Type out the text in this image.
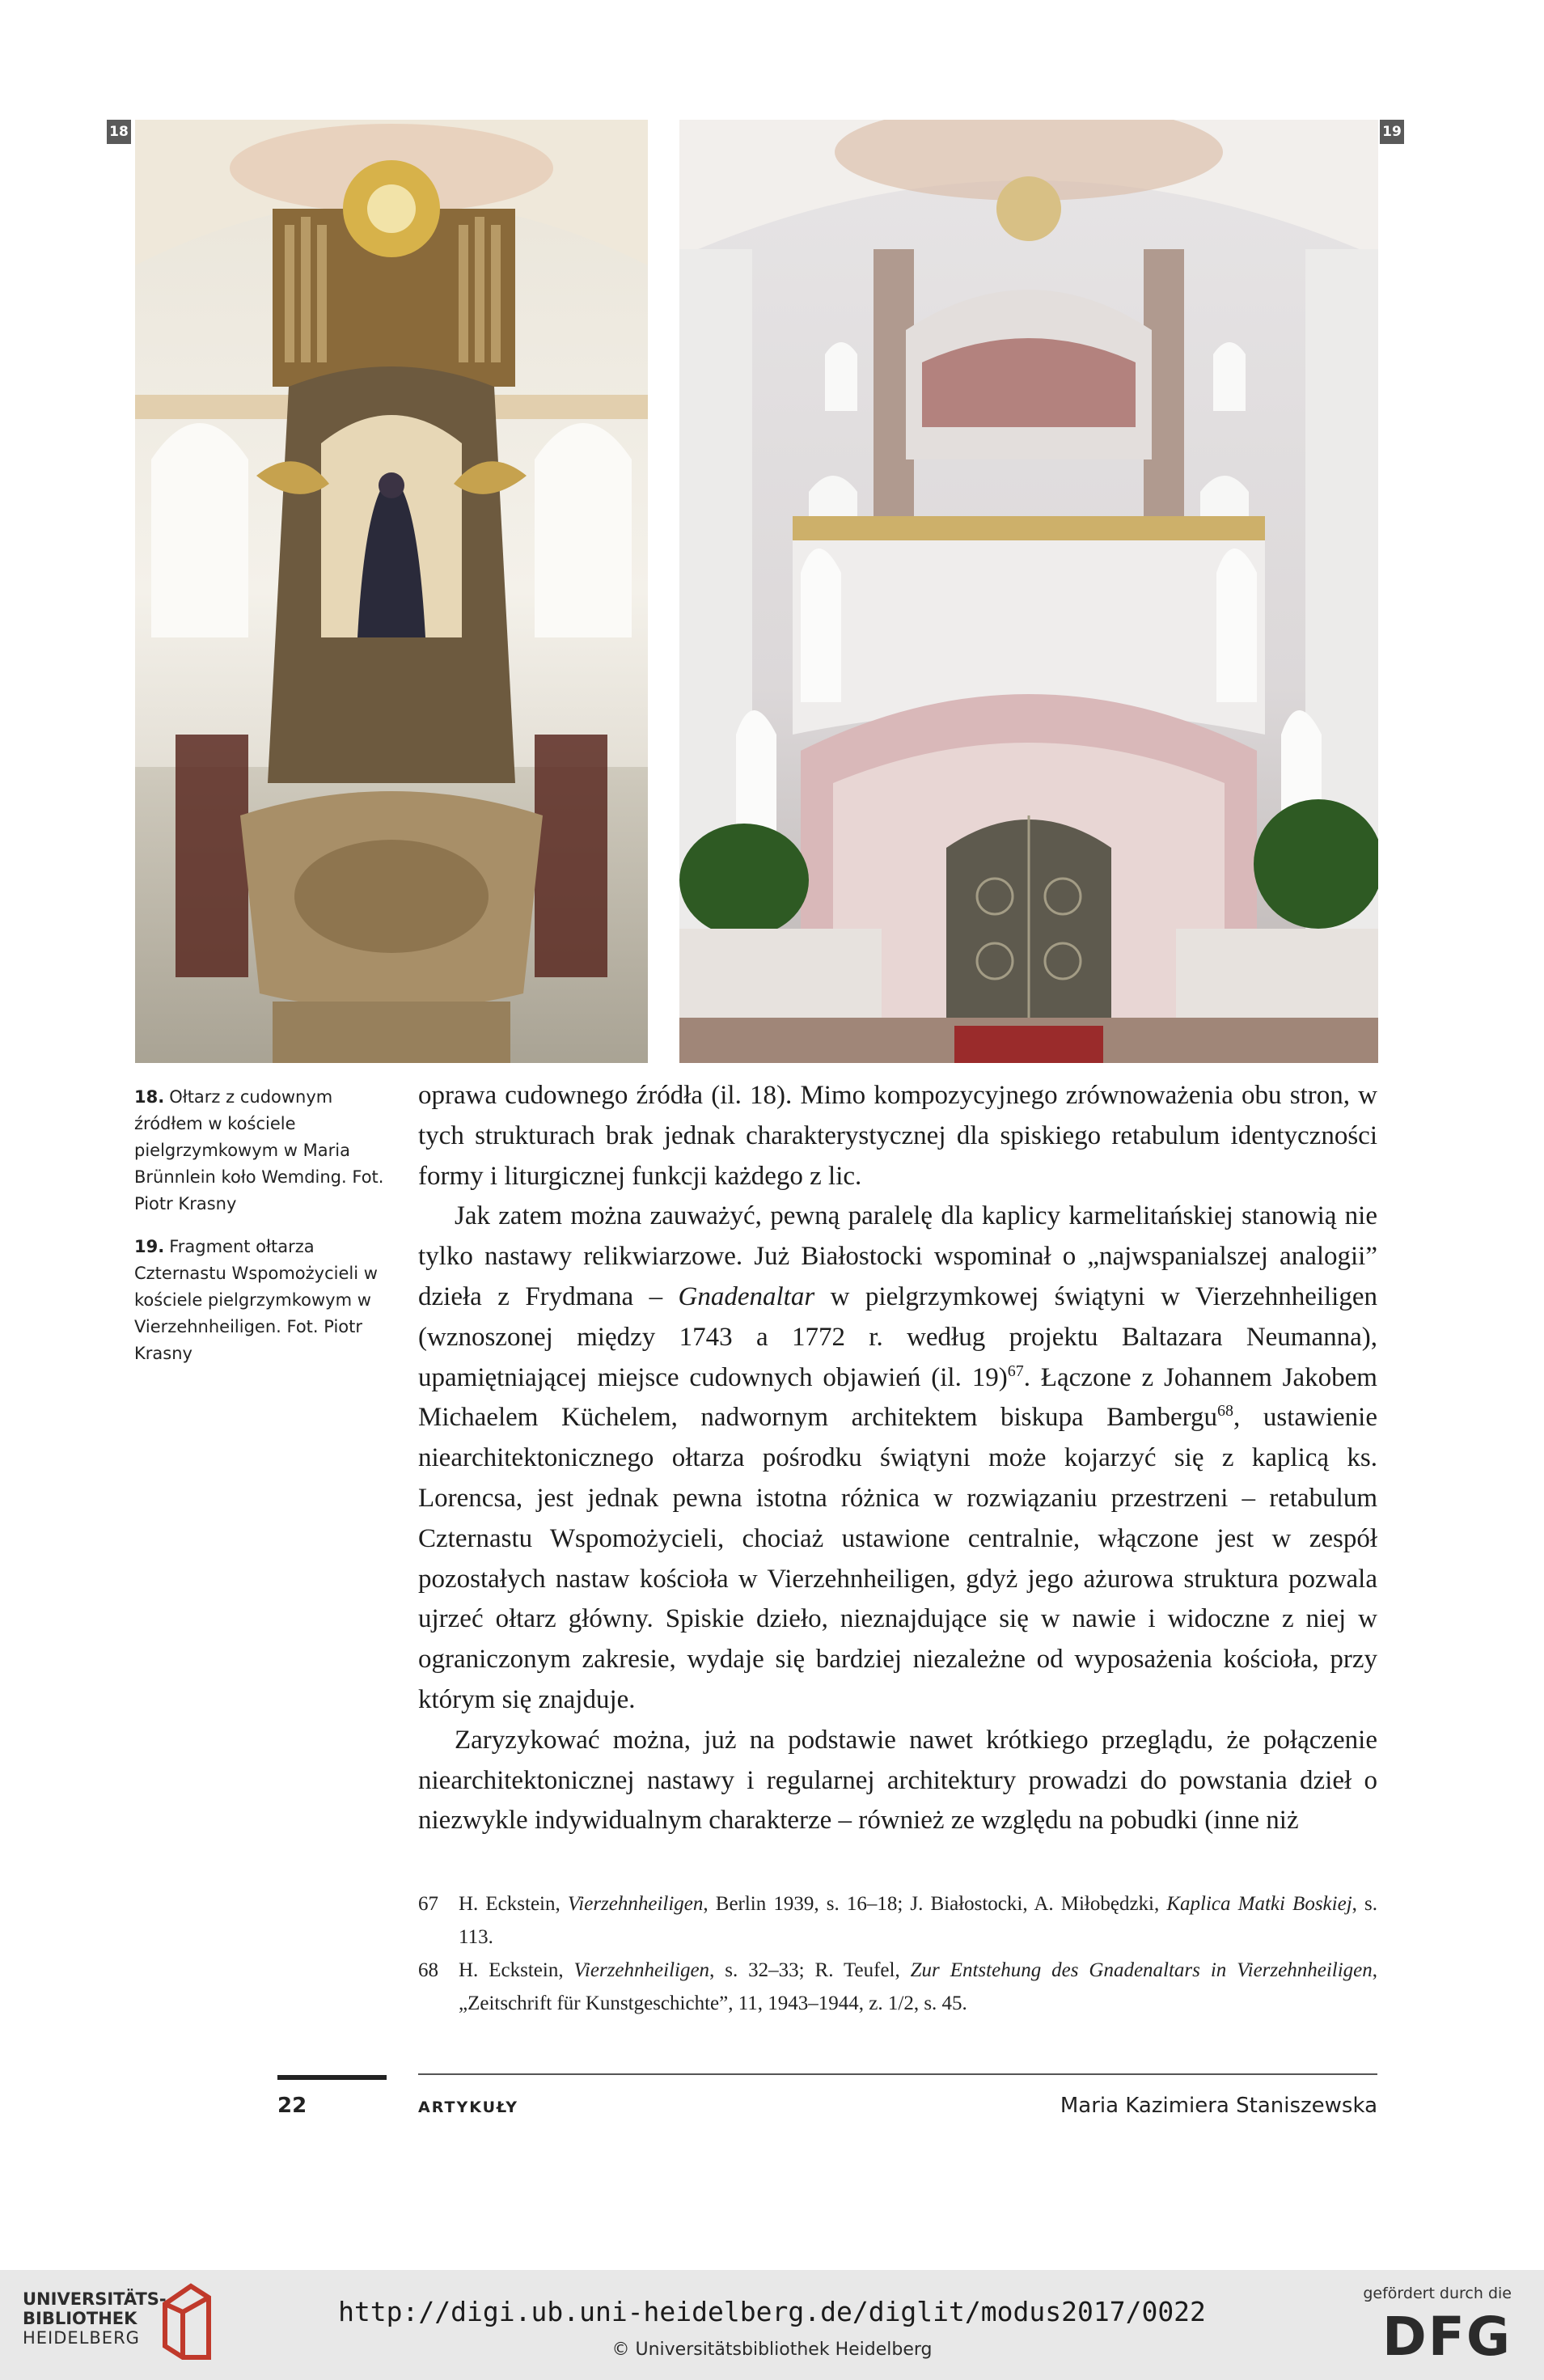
18	19
18. Ołtarz z cudownym źródłem w kościele pielgrzymkowym w Maria Brünnlein koło Wemding. Fot. Piotr Krasny
19. Fragment ołtarza Czternastu Wspomożycieli w kościele pielgrzymkowym w Vierzehnheiligen. Fot. Piotr Krasny

oprawa cudownego źródła (il. 18). Mimo kompozycyjnego zrównoważenia obu stron, w tych strukturach brak jednak charakterystycznej dla spiskiego retabulum identyczności formy i liturgicznej funkcji każdego z lic.

Jak zatem można zauważyć, pewną paralelę dla kaplicy karmelitańskiej stanowią nie tylko nastawy relikwiarzowe. Już Białostocki wspominał o „najwspanialszej analogii” dzieła z Frydmana – Gnadenaltar w pielgrzymkowej świątyni w Vierzehnheiligen (wznoszonej między 1743 a 1772 r. według projektu Baltazara Neumanna), upamiętniającej miejsce cudownych objawień (il. 19)$^{67}$. Łączone z Johannem Jakobem Michaelem Küchelem, nadwornym architektem biskupa Bambergu$^{68}$, ustawienie niearchitektonicznego ołtarza pośrodku świątyni może kojarzyć się z kaplicą ks. Lorencsa, jest jednak pewna istotna różnica w rozwiązaniu przestrzeni – retabulum Czternastu Wspomożycieli, chociaż ustawione centralnie, włączone jest w zespół pozostałych nastaw kościoła w Vierzehnheiligen, gdyż jego ażurowa struktura pozwala ujrzeć ołtarz główny. Spiskie dzieło, nieznajdujące się w nawie i widoczne z niej w ograniczonym zakresie, wydaje się bardziej niezależne od wyposażenia kościoła, przy którym się znajduje.

Zaryzykować można, już na podstawie nawet krótkiego przeglądu, że połączenie niearchitektonicznej nastawy i regularnej architektury prowadzi do powstania dzieł o niezwykle indywidualnym charakterze – również ze względu na pobudki (inne niż

67 H. Eckstein, Vierzehnheiligen, Berlin 1939, s. 16–18; J. Białostocki, A. Miłobędzki, Kaplica Matki Boskiej, s. 113.
68 H. Eckstein, Vierzehnheiligen, s. 32–33; R. Teufel, Zur Entstehung des Gnadenaltars in Vierzehnheiligen, „Zeitschrift für Kunstgeschichte”, 11, 1943–1944, z. 1/2, s. 45.
22	ARTYKUŁY	Maria Kazimiera Staniszewska
UNIVERSITÄTS-
BIBLIOTHEK
HEIDELBERG
http://digi.ub.uni-heidelberg.de/diglit/modus2017/0022
© Universitätsbibliothek Heidelberg
gefördert durch die
DFG
